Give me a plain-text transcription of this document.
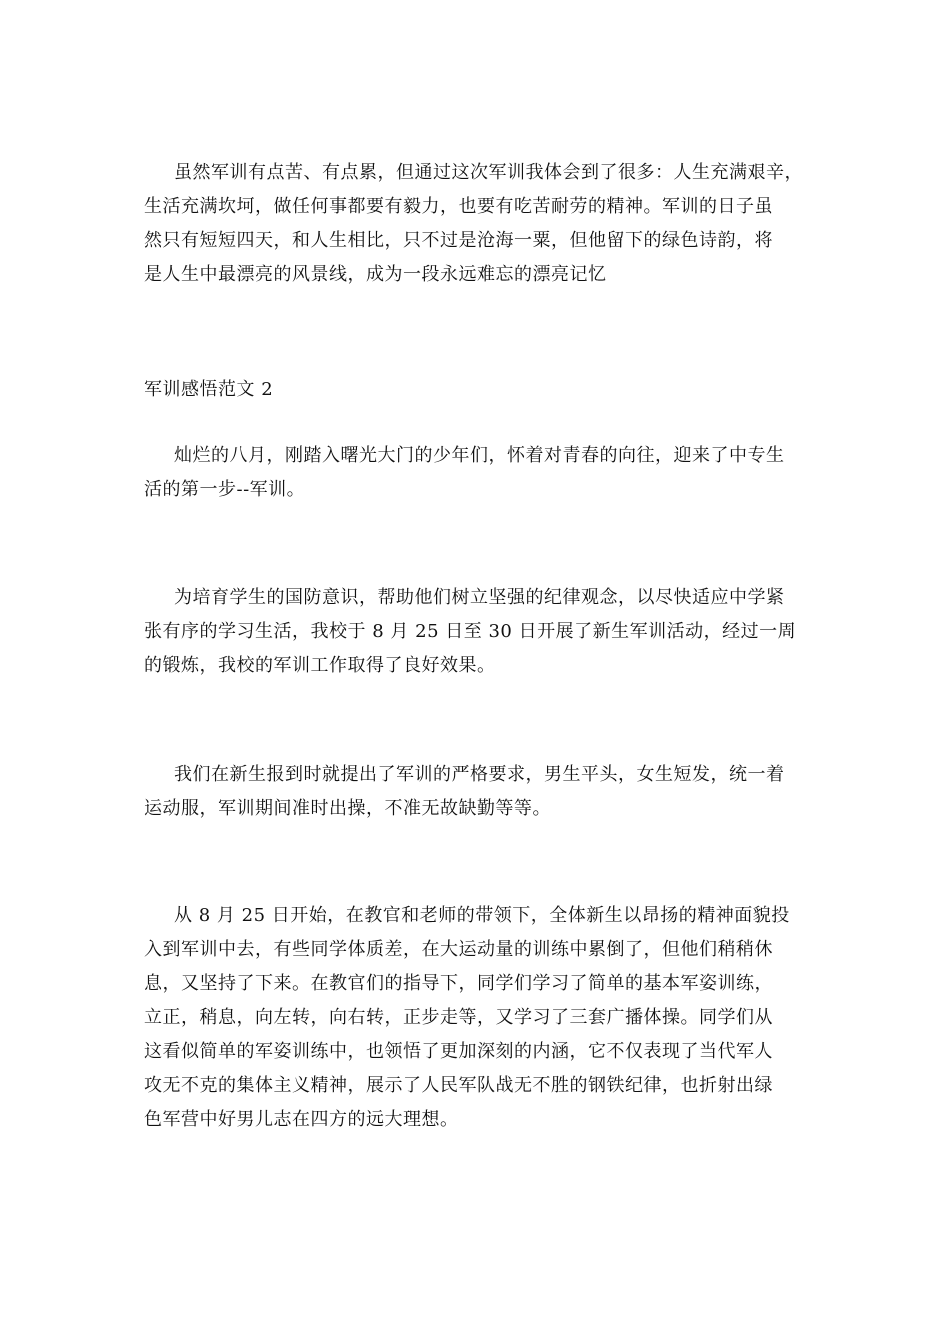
虽然军训有点苦、有点累，但通过这次军训我体会到了很多：人生充满艰辛，
生活充满坎坷，做任何事都要有毅力，也要有吃苦耐劳的精神。军训的日子虽
然只有短短四天，和人生相比，只不过是沧海一粟，但他留下的绿色诗韵，将
是人生中最漂亮的风景线，成为一段永远难忘的漂亮记忆
军训感悟范文 2
灿烂的八月，刚踏入曙光大门的少年们，怀着对青春的向往，迎来了中专生
活的第一步--军训。
为培育学生的国防意识，帮助他们树立坚强的纪律观念，以尽快适应中学紧
张有序的学习生活，我校于 8 月 25 日至 30 日开展了新生军训活动，经过一周
的锻炼，我校的军训工作取得了良好效果。
我们在新生报到时就提出了军训的严格要求，男生平头，女生短发，统一着
运动服，军训期间准时出操，不准无故缺勤等等。
从 8 月 25 日开始，在教官和老师的带领下，全体新生以昂扬的精神面貌投
入到军训中去，有些同学体质差，在大运动量的训练中累倒了，但他们稍稍休
息，又坚持了下来。在教官们的指导下，同学们学习了简单的基本军姿训练，
立正，稍息，向左转，向右转，正步走等，又学习了三套广播体操。同学们从
这看似简单的军姿训练中，也领悟了更加深刻的内涵，它不仅表现了当代军人
攻无不克的集体主义精神，展示了人民军队战无不胜的钢铁纪律，也折射出绿
色军营中好男儿志在四方的远大理想。
